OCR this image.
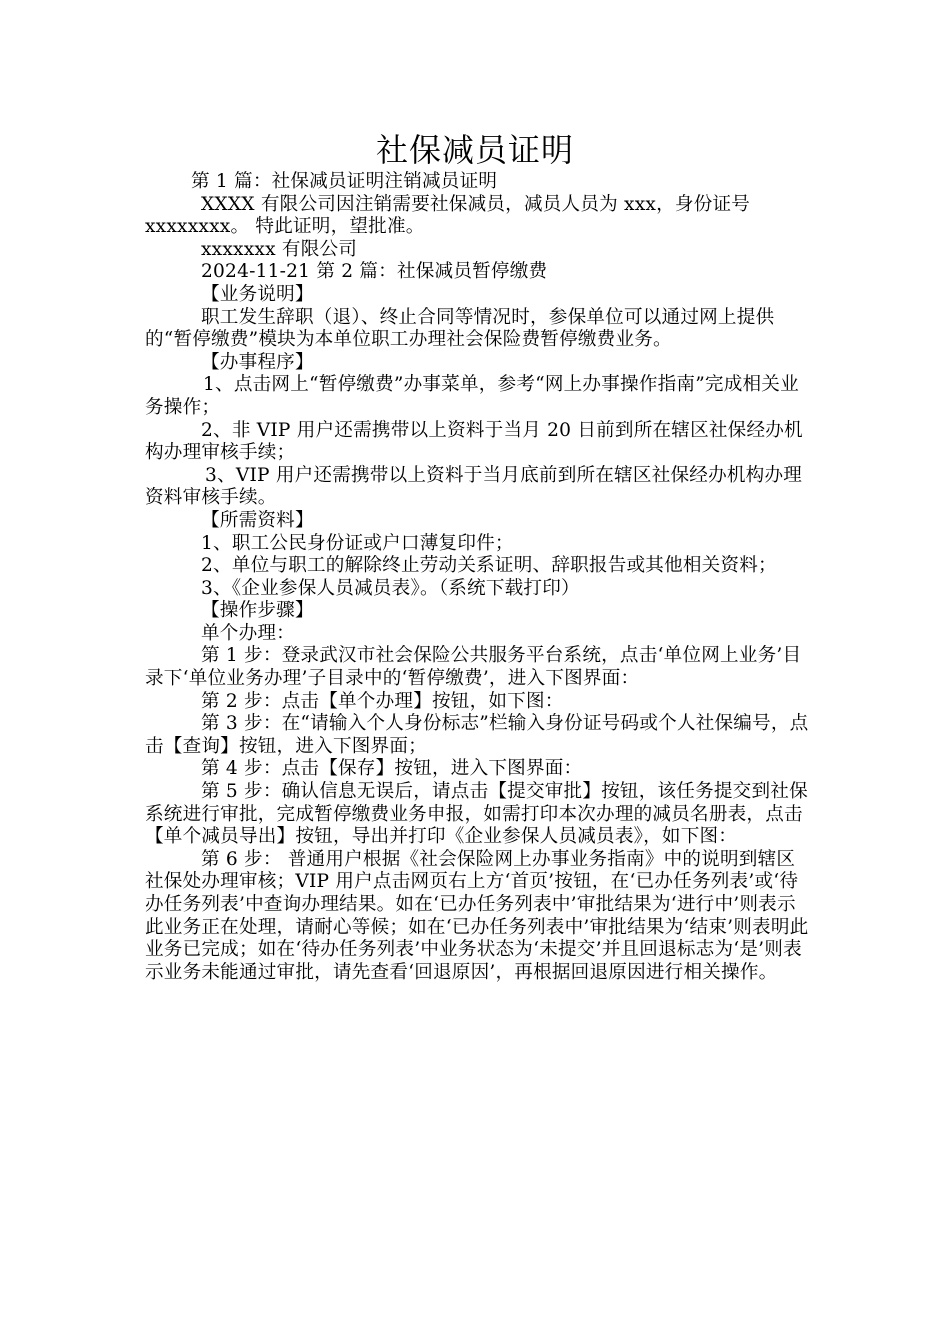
社保减员证明

第 1 篇：社保减员证明注销减员证明

XXXX 有限公司因注销需要社保减员，减员人员为 xxx，身份证号 xxxxxxxx。 特此证明，望批准。

xxxxxxx 有限公司

2024-11-21 第 2 篇：社保减员暂停缴费

【业务说明】

职工发生辞职（退）、终止合同等情况时，参保单位可以通过网上提供的“暂停缴费”模块为本单位职工办理社会保险费暂停缴费业务。

【办事程序】

1、点击网上“暂停缴费”办事菜单，参考“网上办事操作指南”完成相关业务操作；

2、非 VIP 用户还需携带以上资料于当月 20 日前到所在辖区社保经办机构办理审核手续；

3、VIP 用户还需携带以上资料于当月底前到所在辖区社保经办机构办理资料审核手续。

【所需资料】

1、职工公民身份证或户口薄复印件；

2、单位与职工的解除终止劳动关系证明、辞职报告或其他相关资料；

3、《企业参保人员减员表》。（系统下载打印）

【操作步骤】

单个办理：

第 1 步：登录武汉市社会保险公共服务平台系统，点击‘单位网上业务’目录下‘单位业务办理’子目录中的‘暂停缴费’，进入下图界面：

第 2 步：点击【单个办理】按钮，如下图：

第 3 步：在“请输入个人身份标志”栏输入身份证号码或个人社保编号，点击【查询】按钮，进入下图界面；

第 4 步：点击【保存】按钮，进入下图界面：

第 5 步：确认信息无误后，请点击【提交审批】按钮，该任务提交到社保系统进行审批，完成暂停缴费业务申报，如需打印本次办理的减员名册表，点击【单个减员导出】按钮，导出并打印《企业参保人员减员表》，如下图：

第 6 步： 普通用户根据《社会保险网上办事业务指南》中的说明到辖区社保处办理审核；VIP 用户点击网页右上方‘首页’按钮，在‘已办任务列表’或‘待办任务列表’中查询办理结果。如在‘已办任务列表中’审批结果为‘进行中’则表示此业务正在处理，请耐心等候；如在‘已办任务列表中’审批结果为‘结束’则表明此业务已完成；如在‘待办任务列表’中业务状态为‘未提交’并且回退标志为‘是’则表示业务未能通过审批，请先查看‘回退原因’，再根据回退原因进行相关操作。
